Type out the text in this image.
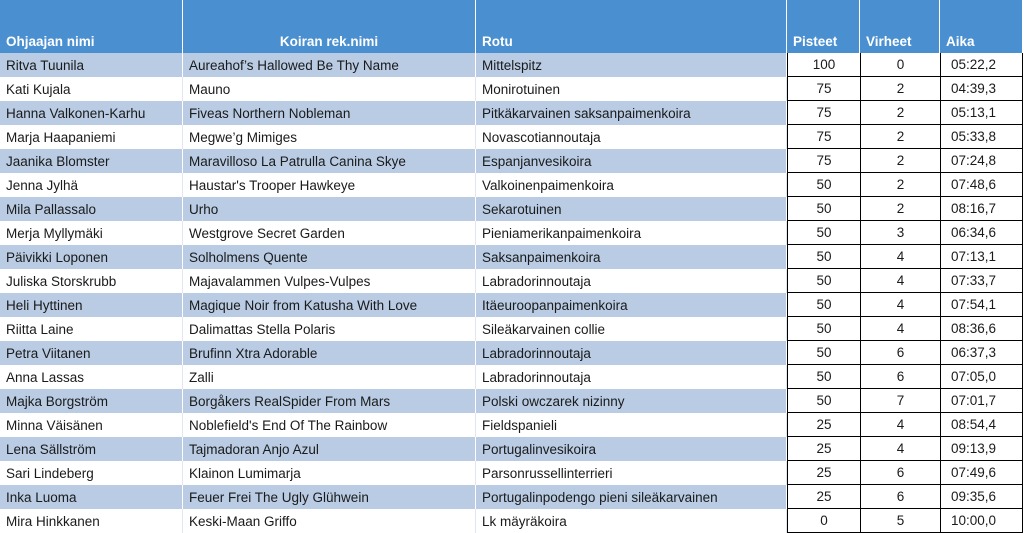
Ohjaajan nimi	Koiran rek.nimi	Rotu	Pisteet	Virheet	Aika
Ritva Tuunila	Aureahof’s Hallowed Be Thy Name	Mittelspitz	100	0	05:22,2
Kati Kujala	Mauno	Monirotuinen	75	2	04:39,3
Hanna Valkonen-Karhu	Fiveas Northern Nobleman	Pitkäkarvainen saksanpaimenkoira	75	2	05:13,1
Marja Haapaniemi	Megwe’g Mimiges	Novascotiannoutaja	75	2	05:33,8
Jaanika Blomster	Maravilloso La Patrulla Canina Skye	Espanjanvesikoira	75	2	07:24,8
Jenna Jylhä	Haustar's Trooper Hawkeye	Valkoinenpaimenkoira	50	2	07:48,6
Mila Pallassalo	Urho	Sekarotuinen	50	2	08:16,7
Merja Myllymäki	Westgrove Secret Garden	Pieniamerikanpaimenkoira	50	3	06:34,6
Päivikki Loponen	Solholmens Quente	Saksanpaimenkoira	50	4	07:13,1
Juliska Storskrubb	Majavalammen Vulpes-Vulpes	Labradorinnoutaja	50	4	07:33,7
Heli Hyttinen	Magique Noir from Katusha With Love	Itäeuroopanpaimenkoira	50	4	07:54,1
Riitta Laine	Dalimattas Stella Polaris	Sileäkarvainen collie	50	4	08:36,6
Petra Viitanen	Brufinn Xtra Adorable	Labradorinnoutaja	50	6	06:37,3
Anna Lassas	Zalli	Labradorinnoutaja	50	6	07:05,0
Majka Borgström	Borgåkers RealSpider From Mars	Polski owczarek nizinny	50	7	07:01,7
Minna Väisänen	Noblefield's End Of The Rainbow	Fieldspanieli	25	4	08:54,4
Lena Sällström	Tajmadoran Anjo Azul	Portugalinvesikoira	25	4	09:13,9
Sari Lindeberg	Klainon Lumimarja	Parsonrussellinterrieri	25	6	07:49,6
Inka Luoma	Feuer Frei The Ugly Glühwein	Portugalinpodengo pieni sileäkarvainen	25	6	09:35,6
Mira Hinkkanen	Keski-Maan Griffo	Lk mäyräkoira	0	5	10:00,0
